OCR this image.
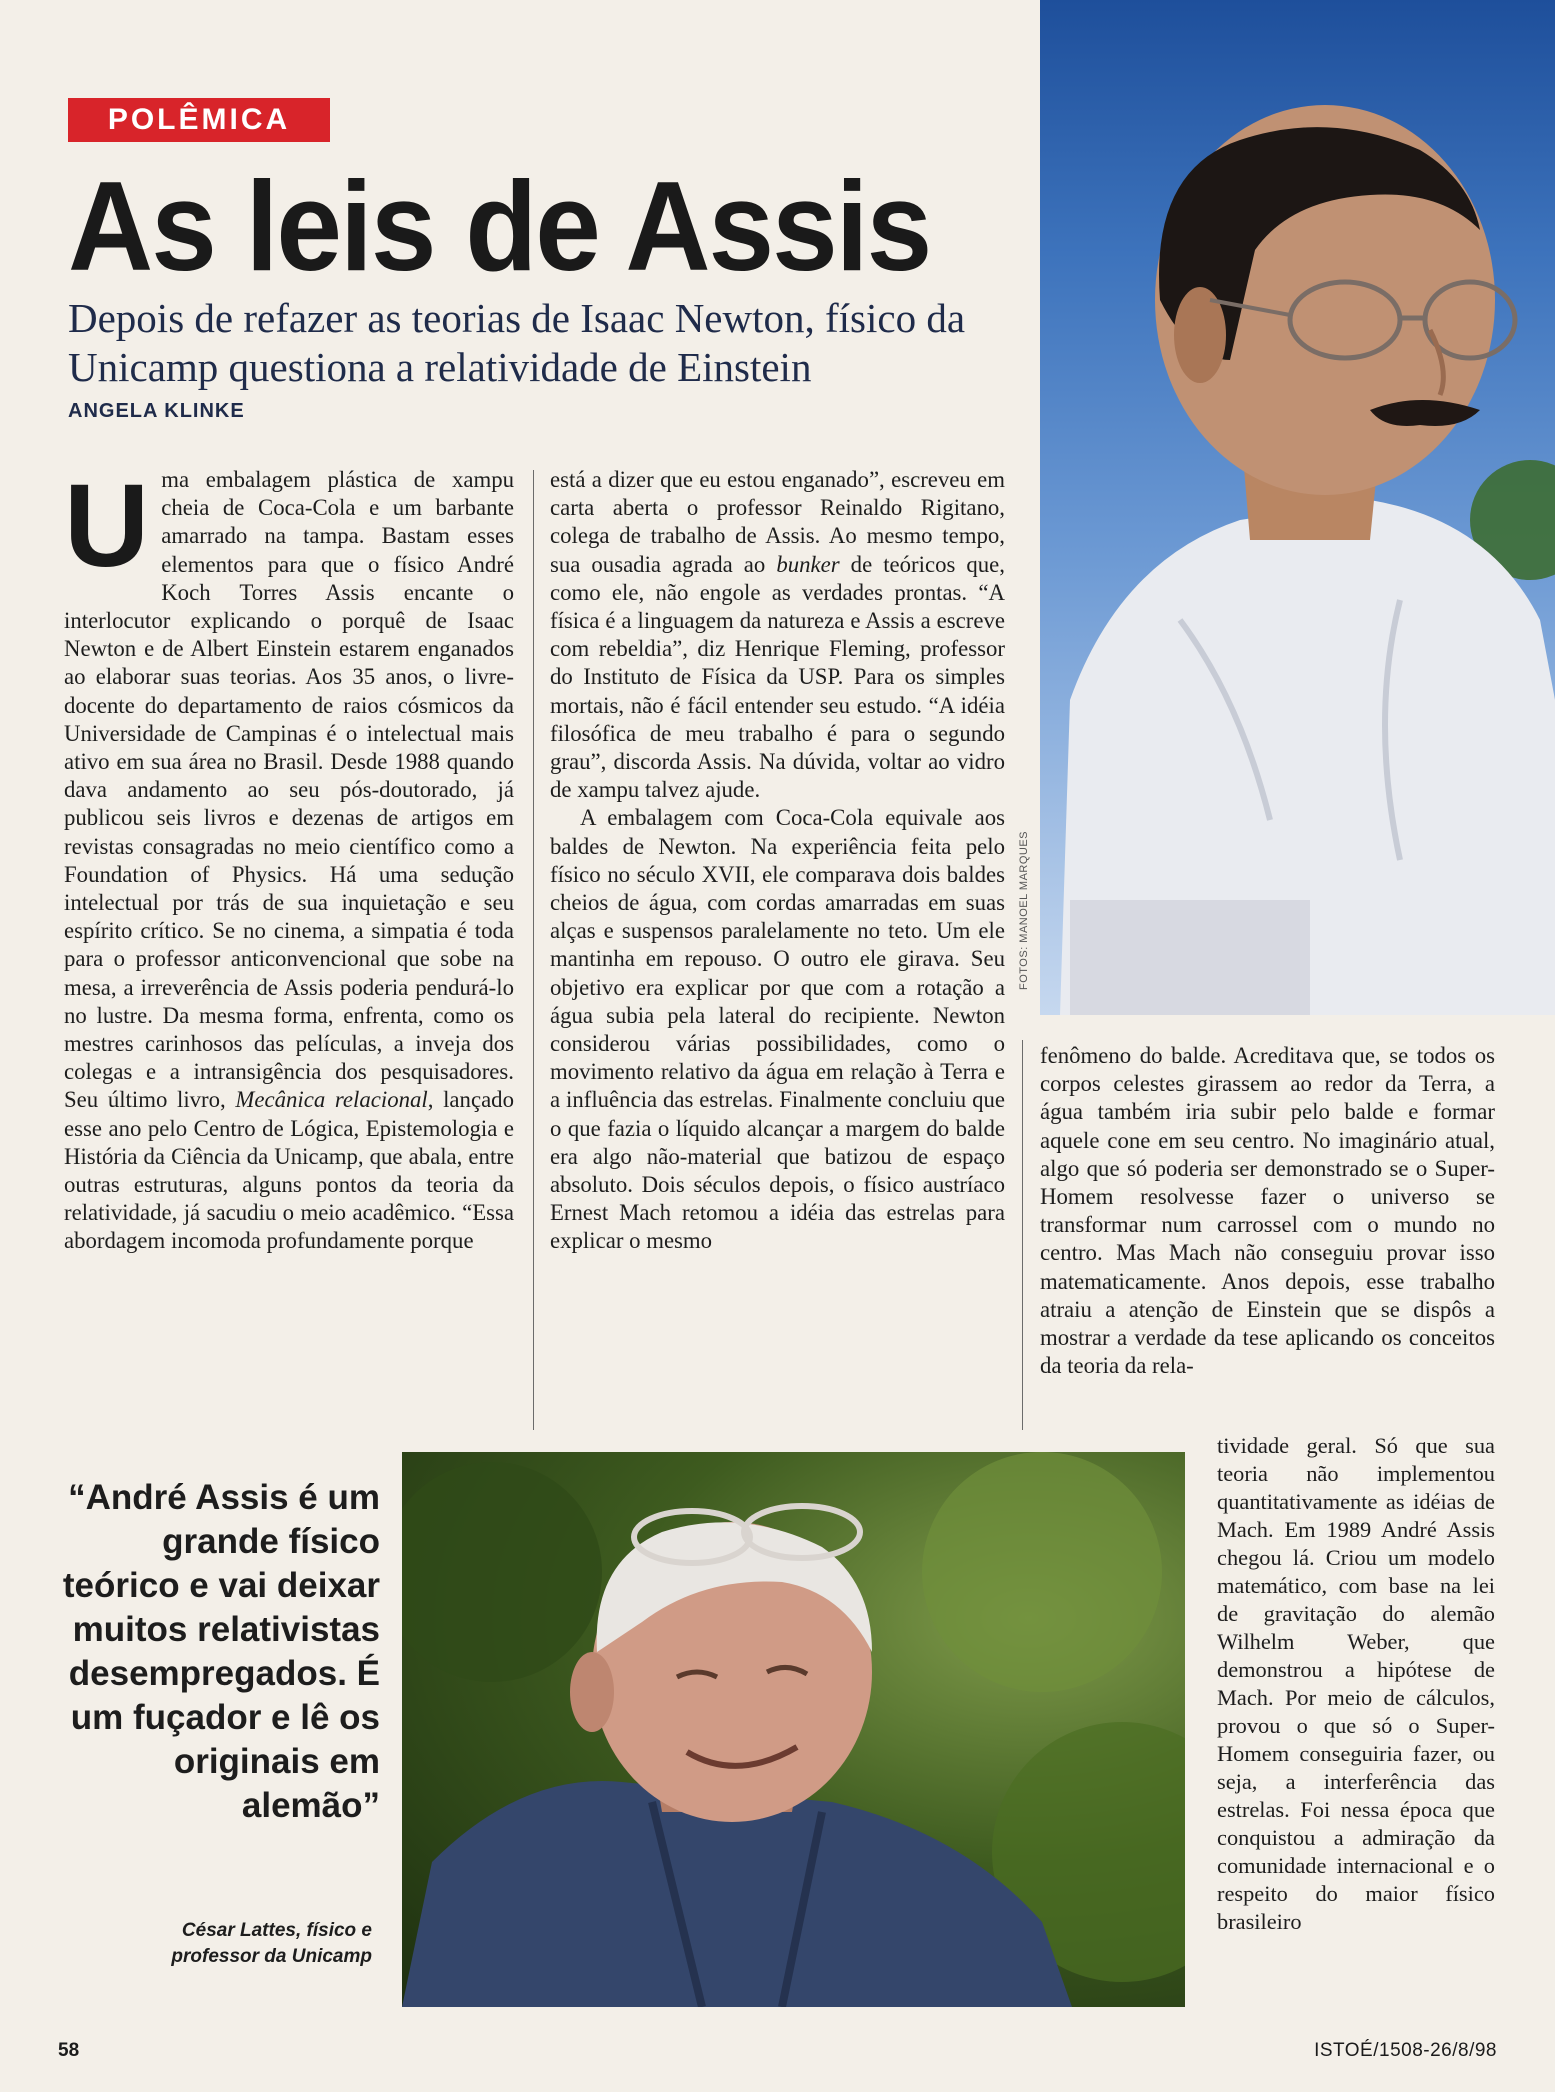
POLÊMICA
As leis de Assis
Depois de refazer as teorias de Isaac Newton, físico da Unicamp questiona a relatividade de Einstein
ANGELA KLINKE
FOTOS: MANOEL MARQUES

Uma embalagem plástica de xampu cheia de Coca-Cola e um barbante amarrado na tampa. Bastam esses elementos para que o físico André Koch Torres Assis encante o interlocutor explicando o porquê de Isaac Newton e de Albert Einstein estarem enganados ao elaborar suas teorias. Aos 35 anos, o livre-docente do departamento de raios cósmicos da Universidade de Campinas é o intelectual mais ativo em sua área no Brasil. Desde 1988 quando dava andamento ao seu pós-doutorado, já publicou seis livros e dezenas de artigos em revistas consagradas no meio científico como a Foundation of Physics. Há uma sedução intelectual por trás de sua inquietação e seu espírito crítico. Se no cinema, a simpatia é toda para o professor anticonvencional que sobe na mesa, a irreverência de Assis poderia pendurá-lo no lustre. Da mesma forma, enfrenta, como os mestres carinhosos das películas, a inveja dos colegas e a intransigência dos pesquisadores. Seu último livro, Mecânica relacional, lançado esse ano pelo Centro de Lógica, Epistemologia e História da Ciência da Unicamp, que abala, entre outras estruturas, alguns pontos da teoria da relatividade, já sacudiu o meio acadêmico. “Essa abordagem incomoda profundamente porque

está a dizer que eu estou enganado”, escreveu em carta aberta o professor Reinaldo Rigitano, colega de trabalho de Assis. Ao mesmo tempo, sua ousadia agrada ao bunker de teóricos que, como ele, não engole as verdades prontas. “A física é a linguagem da natureza e Assis a escreve com rebeldia”, diz Henrique Fleming, professor do Instituto de Física da USP. Para os simples mortais, não é fácil entender seu estudo. “A idéia filosófica de meu trabalho é para o segundo grau”, discorda Assis. Na dúvida, voltar ao vidro de xampu talvez ajude.

A embalagem com Coca-Cola equivale aos baldes de Newton. Na experiência feita pelo físico no século XVII, ele comparava dois baldes cheios de água, com cordas amarradas em suas alças e suspensos paralelamente no teto. Um ele mantinha em repouso. O outro ele girava. Seu objetivo era explicar por que com a rotação a água subia pela lateral do recipiente. Newton considerou várias possibilidades, como o movimento relativo da água em relação à Terra e a influência das estrelas. Finalmente concluiu que o que fazia o líquido alcançar a margem do balde era algo não-material que batizou de espaço absoluto. Dois séculos depois, o físico austríaco Ernest Mach retomou a idéia das estrelas para explicar o mesmo

fenômeno do balde. Acreditava que, se todos os corpos celestes girassem ao redor da Terra, a água também iria subir pelo balde e formar aquele cone em seu centro. No imaginário atual, algo que só poderia ser demonstrado se o Super-Homem resolvesse fazer o universo se transformar num carrossel com o mundo no centro. Mas Mach não conseguiu provar isso matematicamente. Anos depois, esse trabalho atraiu a atenção de Einstein que se dispôs a mostrar a verdade da tese aplicando os conceitos da teoria da rela-

tividade geral. Só que sua teoria não implementou quantitativamente as idéias de Mach. Em 1989 André Assis chegou lá. Criou um modelo matemático, com base na lei de gravitação do alemão Wilhelm Weber, que demonstrou a hipótese de Mach. Por meio de cálculos, provou o que só o Super-Homem conseguiria fazer, ou seja, a interferência das estrelas. Foi nessa época que conquistou a admiração da comunidade internacional e o respeito do maior físico brasileiro

“André Assis é um grande físico teórico e vai deixar muitos relativistas desempregados. É um fuçador e lê os originais em alemão”
César Lattes, físico e
professor da Unicamp
58	ISTOÉ/1508-26/8/98
